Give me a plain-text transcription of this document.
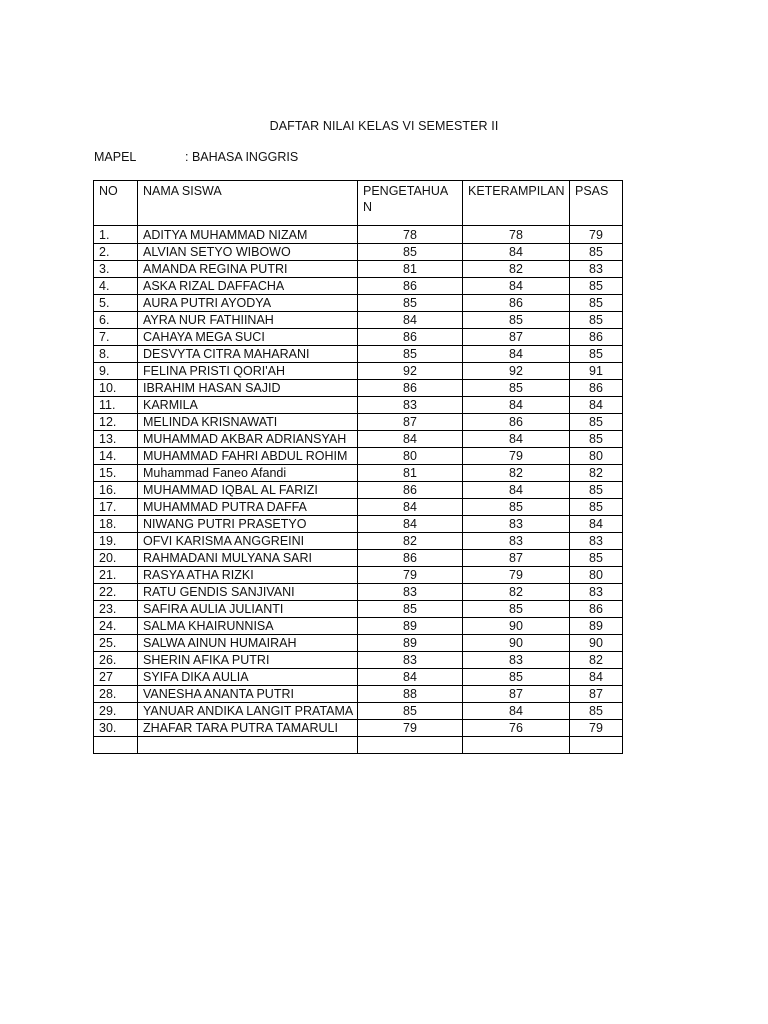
DAFTAR NILAI KELAS VI SEMESTER II
MAPEL	: BAHASA INGGRIS
NO	NAMA SISWA	PENGETAHUAN	KETERAMPILAN	PSAS
1.	ADITYA MUHAMMAD NIZAM	78	78	79
2.	ALVIAN SETYO WIBOWO	85	84	85
3.	AMANDA REGINA PUTRI	81	82	83
4.	ASKA RIZAL DAFFACHA	86	84	85
5.	AURA PUTRI AYODYA	85	86	85
6.	AYRA NUR FATHIINAH	84	85	85
7.	CAHAYA MEGA SUCI	86	87	86
8.	DESVYTA CITRA MAHARANI	85	84	85
9.	FELINA PRISTI QORI'AH	92	92	91
10.	IBRAHIM HASAN SAJID	86	85	86
11.	KARMILA	83	84	84
12.	MELINDA KRISNAWATI	87	86	85
13.	MUHAMMAD AKBAR ADRIANSYAH	84	84	85
14.	MUHAMMAD FAHRI ABDUL ROHIM	80	79	80
15.	Muhammad Faneo Afandi	81	82	82
16.	MUHAMMAD IQBAL AL FARIZI	86	84	85
17.	MUHAMMAD PUTRA DAFFA	84	85	85
18.	NIWANG PUTRI PRASETYO	84	83	84
19.	OFVI KARISMA ANGGREINI	82	83	83
20.	RAHMADANI MULYANA SARI	86	87	85
21.	RASYA ATHA RIZKI	79	79	80
22.	RATU GENDIS SANJIVANI	83	82	83
23.	SAFIRA AULIA JULIANTI	85	85	86
24.	SALMA KHAIRUNNISA	89	90	89
25.	SALWA AINUN HUMAIRAH	89	90	90
26.	SHERIN AFIKA PUTRI	83	83	82
27	SYIFA DIKA AULIA	84	85	84
28.	VANESHA ANANTA PUTRI	88	87	87
29.	YANUAR ANDIKA LANGIT PRATAMA	85	84	85
30.	ZHAFAR TARA PUTRA TAMARULI	79	76	79
